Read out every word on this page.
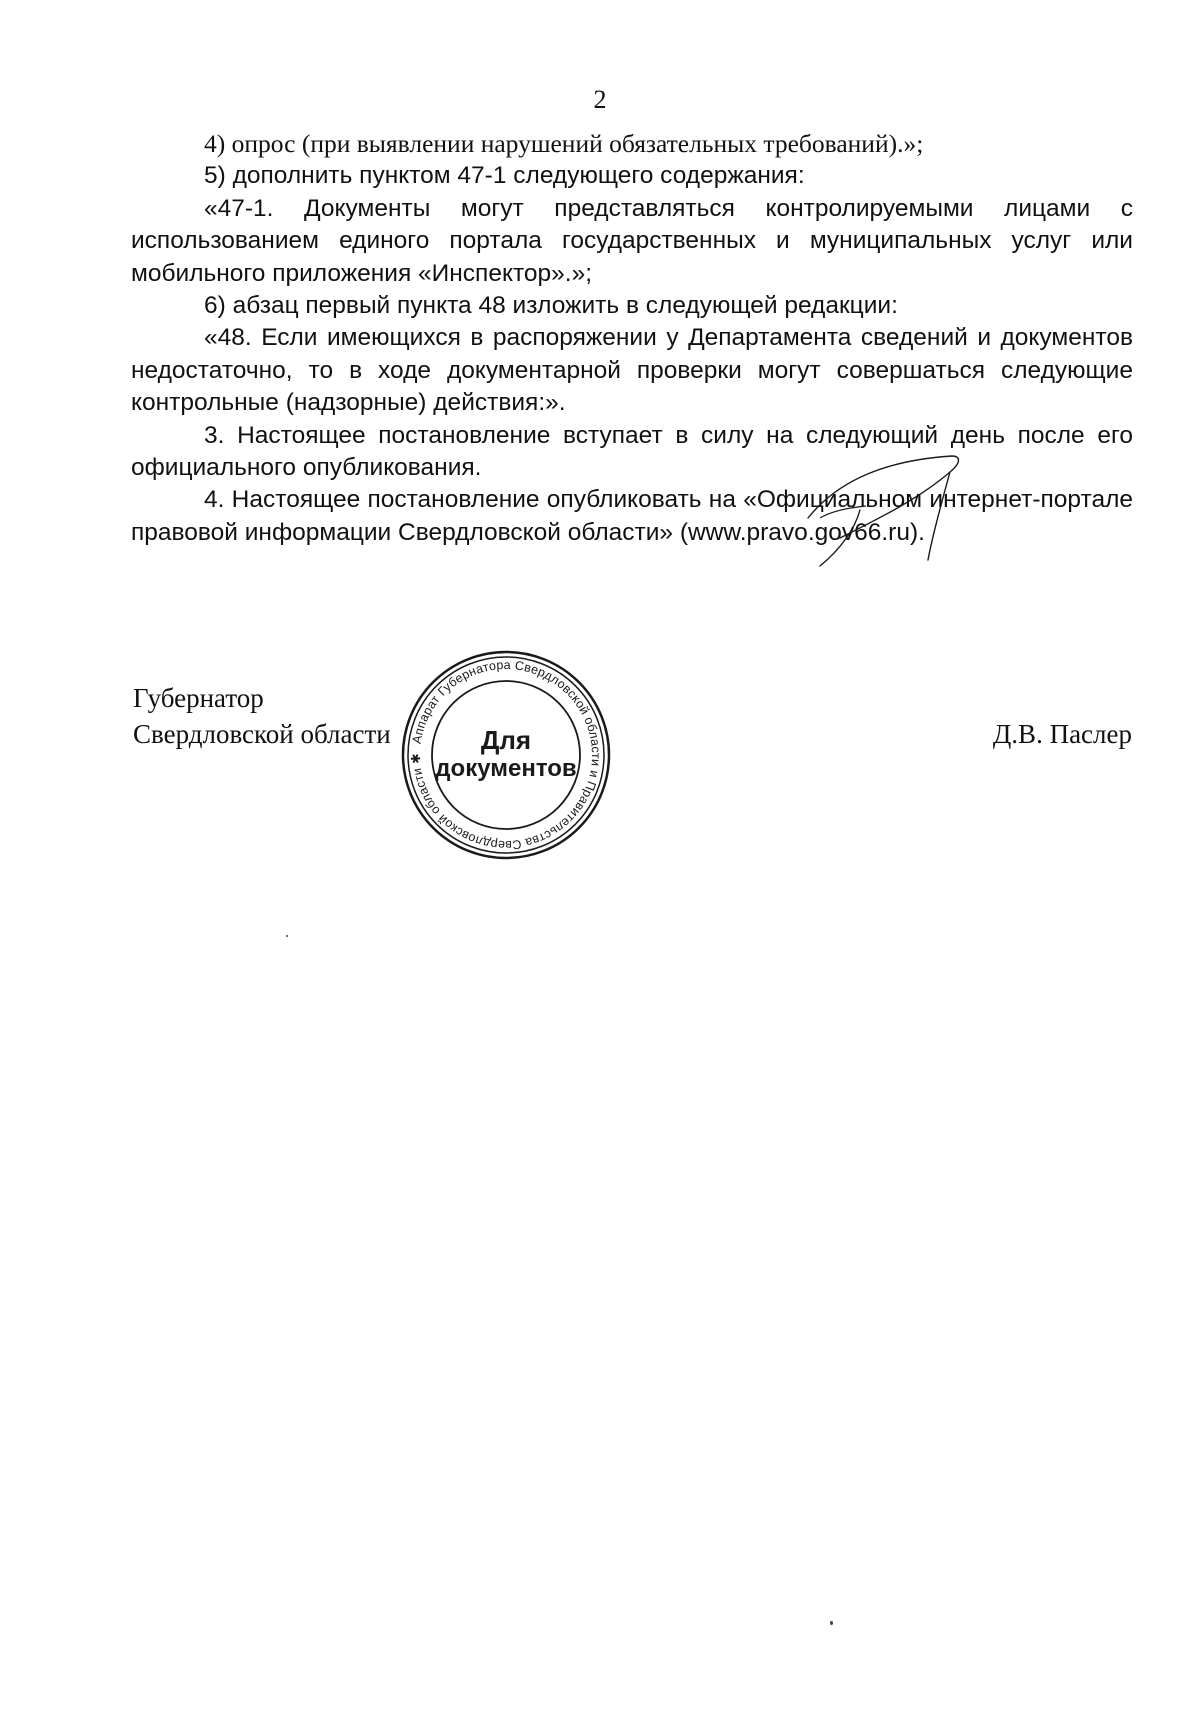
2

4) опрос (при выявлении нарушений обязательных требований).»;

5) дополнить пунктом 47-1 следующего содержания:

«47-1. Документы могут представляться контролируемыми лицами с использованием единого портала государственных и муниципальных услуг или мобильного приложения «Инспектор».»;

6) абзац первый пункта 48 изложить в следующей редакции:

«48. Если имеющихся в распоряжении у Департамента сведений и документов недостаточно, то в ходе документарной проверки могут совершаться следующие контрольные (надзорные) действия:».

3. Настоящее постановление вступает в силу на следующий день после его официального опубликования.

4. Настоящее постановление опубликовать на «Официальном интернет-портале правовой информации Свердловской области» (www.pravo.gov66.ru).

Губернатор
Свердловской области	Д.В. Паслер
Аппарат Губернатора Свердловской области и Правительства Свердловской области ✱
Для
документов
